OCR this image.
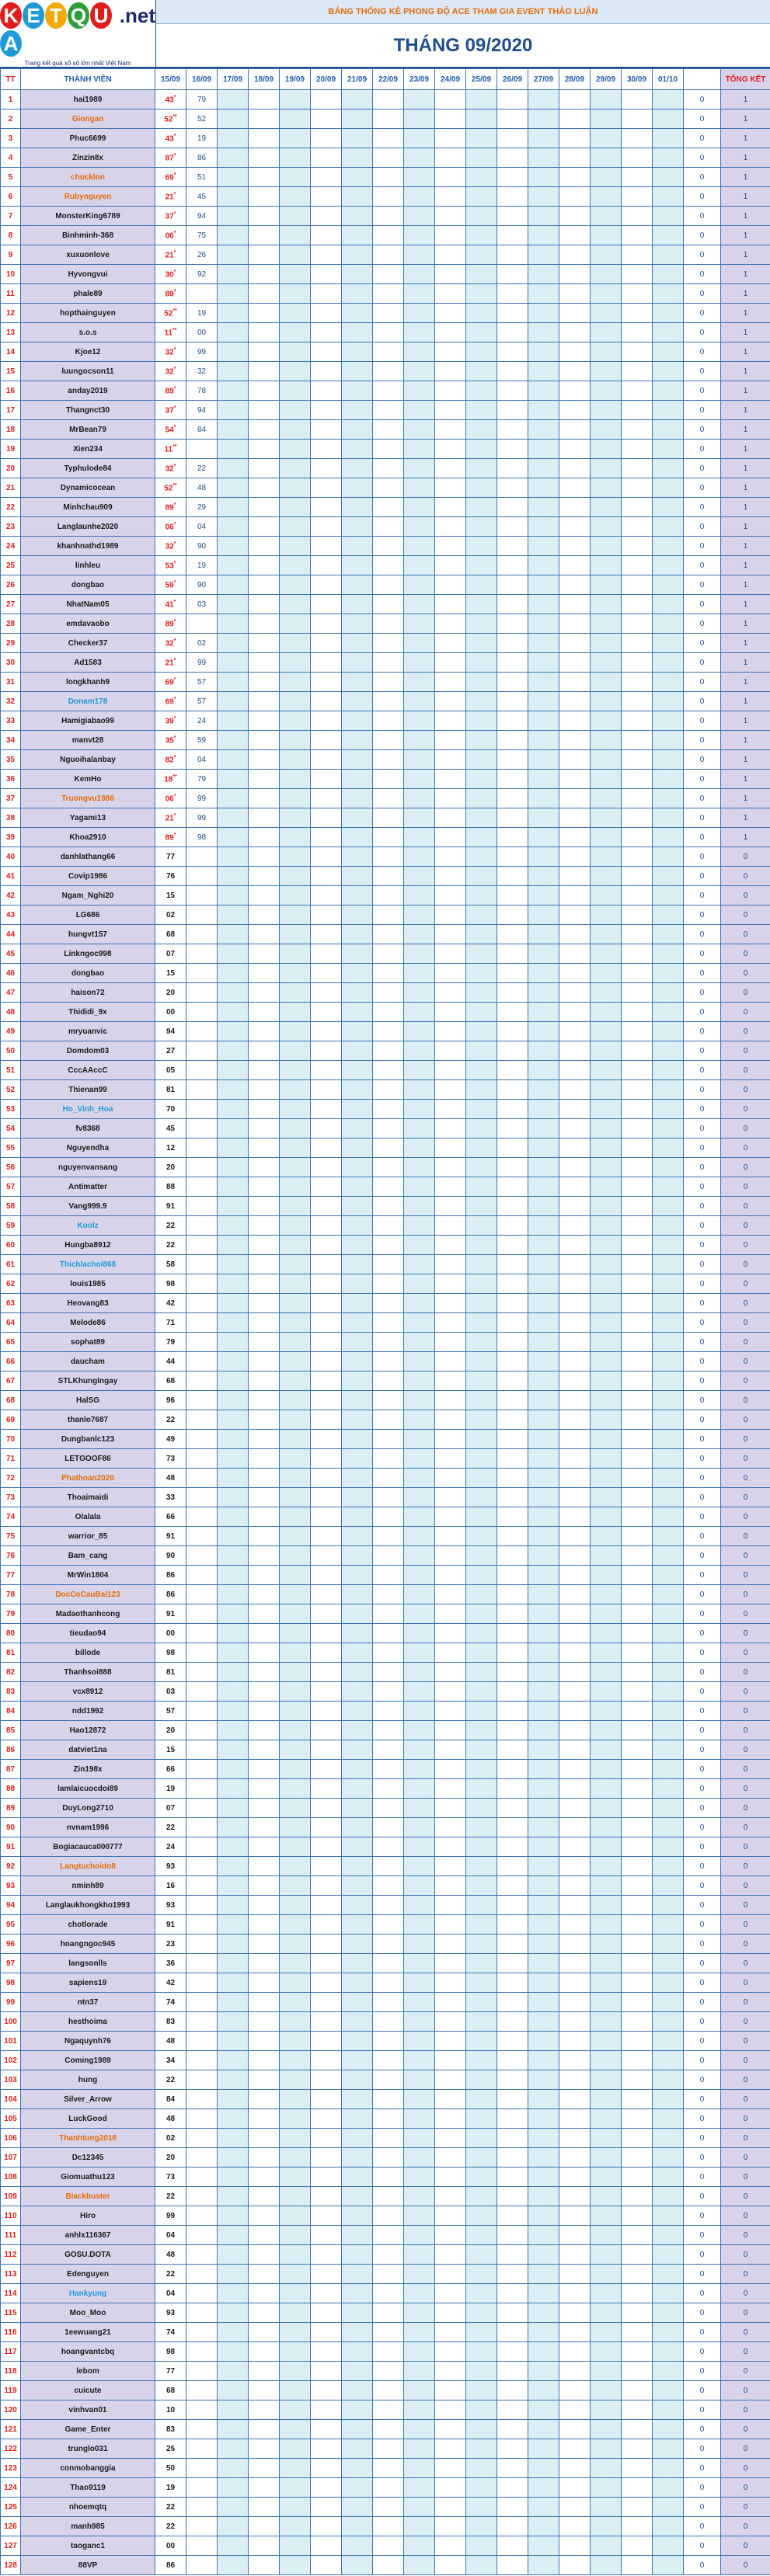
K E T Q UA
.net
Trang kết quả xổ số lớn nhất Việt Nam
BẢNG THỐNG KÊ PHONG ĐỘ ACE THAM GIA EVENT THẢO LUẬN
THÁNG 09/2020
TT	THÀNH VIÊN	15/09	16/09	17/09	18/09	19/09	20/09	21/09	22/09	23/09	24/09	25/09	26/09	27/09	28/09	29/09	30/09	01/10		TỔNG KẾT
1	hai1989	43*	79																0	1
2	Giongan	52**	52																0	1
3	Phuc6699	43*	19																0	1
4	Zinzin8x	87*	86																0	1
5	chucklon	69*	51																0	1
6	Rubynguyen	21*	45																0	1
7	MonsterKing6789	37*	94																0	1
8	Binhminh-368	06*	75																0	1
9	xuxuonlove	21*	26																0	1
10	Hyvongvui	30*	92																0	1
11	phale89	89*																	0	1
12	hopthainguyen	52**	19																0	1
13	s.o.s	11**	00																0	1
14	Kjoe12	32*	99																0	1
15	luungocson11	32*	32																0	1
16	anday2019	89*	78																0	1
17	Thangnct30	37*	94																0	1
18	MrBean79	54*	84																0	1
19	Xien234	11**																	0	1
20	Typhulode84	32*	22																0	1
21	Dynamicocean	52**	48																0	1
22	Minhchau909	89*	29																0	1
23	Langlaunhe2020	06*	04																0	1
24	khanhnathd1989	32*	90																0	1
25	linhleu	53*	19																0	1
26	dongbao	59*	90																0	1
27	NhatNam05	41*	03																0	1
28	emdavaobo	89*																	0	1
29	Checker37	32*	02																0	1
30	Ad1583	21*	99																0	1
31	longkhanh9	69*	57																0	1
32	Donam178	69*	57																0	1
33	Hamigiabao99	39*	24																0	1
34	manvt28	35*	59																0	1
35	Nguoihalanbay	82*	04																0	1
36	KemHo	18**	79																0	1
37	Truongvu1986	06*	99																0	1
38	Yagami13	21*	99																0	1
39	Khoa2910	89*	98																0	1
40	danhlathang66	77																	0	0
41	Covip1986	76																	0	0
42	Ngam_Nghi20	15																	0	0
43	LG686	02																	0	0
44	hungvt157	68																	0	0
45	Linkngoc998	07																	0	0
46	dongbao	15																	0	0
47	haison72	20																	0	0
48	Thididi_9x	00																	0	0
49	mryuanvic	94																	0	0
50	Domdom03	27																	0	0
51	CccAAccC	05																	0	0
52	Thienan99	81																	0	0
53	Ho_Vinh_Hoa	70																	0	0
54	fv8368	45																	0	0
55	Nguyendha	12																	0	0
56	nguyenvansang	20																	0	0
57	Antimatter	88																	0	0
58	Vang999.9	91																	0	0
59	Koolz	22																	0	0
60	Hungba8912	22																	0	0
61	Thichlachoi868	58																	0	0
62	louis1985	98																	0	0
63	Heovang83	42																	0	0
64	Melode86	71																	0	0
65	sophat89	79																	0	0
66	daucham	44																	0	0
67	STLKhungIngay	68																	0	0
68	HalSG	96																	0	0
69	thanlo7687	22																	0	0
70	Dungbanlc123	49																	0	0
71	LETGOOF86	73																	0	0
72	Phathoan2020	48																	0	0
73	Thoaimaidi	33																	0	0
74	Olalala	66																	0	0
75	warrior_85	91																	0	0
76	Bam_cang	90																	0	0
77	MrWin1804	86																	0	0
78	DocCoCauBai123	86																	0	0
79	Madaothanhcong	91																	0	0
80	tieudao94	00																	0	0
81	billode	98																	0	0
82	Thanhsoi888	81																	0	0
83	vcx8912	03																	0	0
84	ndd1992	57																	0	0
85	Hao12872	20																	0	0
86	datviet1na	15																	0	0
87	Zin198x	66																	0	0
88	lamlaicuocdoi89	19																	0	0
89	DuyLong2710	07																	0	0
90	nvnam1996	22																	0	0
91	Bogiacauca000777	24																	0	0
92	Langtuchoido8	93																	0	0
93	nminh89	16																	0	0
94	Langlaukhongkho1993	93																	0	0
95	chotlorade	91																	0	0
96	hoangngoc945	23																	0	0
97	langsonlls	36																	0	0
98	sapiens19	42																	0	0
99	ntn37	74																	0	0
100	hesthoima	83																	0	0
101	Ngaquynh76	48																	0	0
102	Coming1989	34																	0	0
103	hung	22																	0	0
104	Silver_Arrow	84																	0	0
105	LuckGood	48																	0	0
106	Thanhtung2018	02																	0	0
107	Dc12345	20																	0	0
108	Giomuathu123	73																	0	0
109	Blackbuster	22																	0	0
110	Hiro	99																	0	0
111	anhlx116367	04																	0	0
112	GOSU.DOTA	48																	0	0
113	Edenguyen	22																	0	0
114	Hankyung	04																	0	0
115	Moo_Moo	93																	0	0
116	1eewuang21	74																	0	0
117	hoangvantcbq	98																	0	0
118	lebom	77																	0	0
119	cuicute	68																	0	0
120	vinhvan01	10																	0	0
121	Game_Enter	83																	0	0
122	trunglo031	25																	0	0
123	conmobanggia	50																	0	0
124	Thao9119	19																	0	0
125	nhoemqtq	22																	0	0
126	manh985	22																	0	0
127	taoganc1	00																	0	0
128	88VP	86																	0	0
